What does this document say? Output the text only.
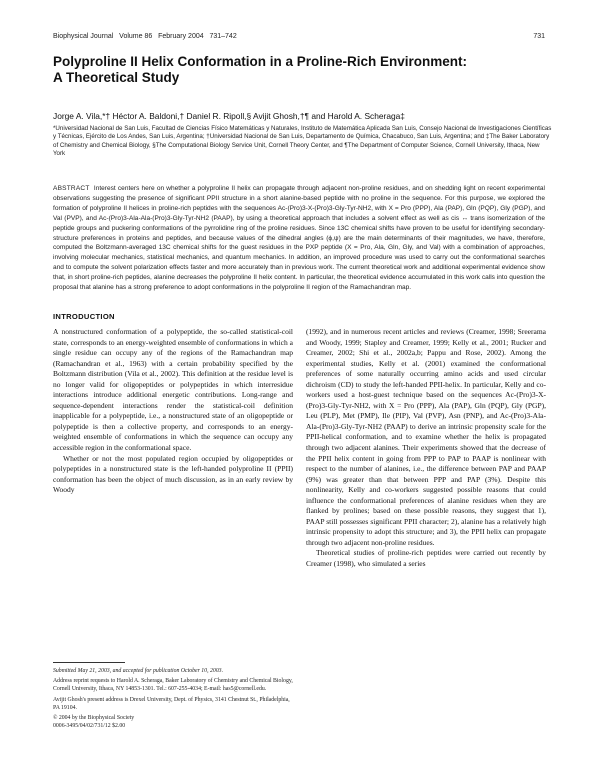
Biophysical Journal Volume 86 February 2004 731–742	731
Polyproline II Helix Conformation in a Proline-Rich Environment:
A Theoretical Study
Jorge A. Vila,*† Héctor A. Baldoni,† Daniel R. Ripoll,§ Avijit Ghosh,†¶ and Harold A. Scheraga‡
*Universidad Nacional de San Luis, Facultad de Ciencias Físico Matemáticas y Naturales, Instituto de Matemática Aplicada San Luis, Consejo Nacional de Investigaciones Científicas y Técnicas, Ejército de Los Andes, San Luis, Argentina; †Universidad Nacional de San Luis, Departamento de Química, Chacabuco, San Luis, Argentina; and ‡The Baker Laboratory of Chemistry and Chemical Biology, §The Computational Biology Service Unit, Cornell Theory Center, and ¶The Department of Computer Science, Cornell University, Ithaca, New York

ABSTRACT Interest centers here on whether a polyproline II helix can propagate through adjacent non-proline residues, and on shedding light on recent experimental observations suggesting the presence of significant PPII structure in a short alanine-based peptide with no proline in the sequence. For this purpose, we explored the formation of polyproline II helices in proline-rich peptides with the sequences Ac-(Pro)3-X-(Pro)3-Gly-Tyr-NH2, with X = Pro (PPP), Ala (PAP), Gln (PQP), Gly (PGP), and Val (PVP), and Ac-(Pro)3-Ala-Ala-(Pro)3-Gly-Tyr-NH2 (PAAP), by using a theoretical approach that includes a solvent effect as well as cis ↔ trans isomerization of the peptide groups and puckering conformations of the pyrrolidine ring of the proline residues. Since 13C chemical shifts have proven to be useful for identifying secondary-structure preferences in proteins and peptides, and because values of the dihedral angles (ϕ,ψ) are the main determinants of their magnitudes, we have, therefore, computed the Boltzmann-averaged 13C chemical shifts for the guest residues in the PXP peptide (X = Pro, Ala, Gln, Gly, and Val) with a combination of approaches, involving molecular mechanics, statistical mechanics, and quantum mechanics. In addition, an improved procedure was used to carry out the conformational searches and to compute the solvent polarization effects faster and more accurately than in previous work. The current theoretical work and additional experimental evidence show that, in short proline-rich peptides, alanine decreases the polyproline II helix content. In particular, the theoretical evidence accumulated in this work calls into question the proposal that alanine has a strong preference to adopt conformations in the polyproline II region of the Ramachandran map.

INTRODUCTION

A nonstructured conformation of a polypeptide, the so-called statistical-coil state, corresponds to an energy-weighted ensemble of conformations in which a single residue can occupy any of the regions of the Ramachandran map (Ramachandran et al., 1963) with a certain probability specified by the Boltzmann distribution (Vila et al., 2002). This definition at the residue level is no longer valid for oligopeptides or polypeptides in which interresidue interactions introduce additional energetic contributions. Long-range and sequence-dependent interactions render the statistical-coil definition inapplicable for a polypeptide, i.e., a nonstructured state of an oligopeptide or polypeptide is then a collective property, and corresponds to an energy-weighted ensemble of conformations in which the sequence can occupy any accessible region in the conformational space.

Whether or not the most populated region occupied by oligopeptides or polypeptides in a nonstructured state is the left-handed polyproline II (PPII) conformation has been the object of much discussion, as in an early review by Woody

Submitted May 21, 2003, and accepted for publication October 10, 2003.

Address reprint requests to Harold A. Scheraga, Baker Laboratory of Chemistry and Chemical Biology, Cornell University, Ithaca, NY 14853-1301. Tel.: 607-255-4034; E-mail: has5@cornell.edu.

Avijit Ghosh's present address is Drexel University, Dept. of Physics, 3141 Chestnut St., Philadelphia, PA 19104.

© 2004 by the Biophysical Society

0006-3495/04/02/731/12 $2.00

(1992), and in numerous recent articles and reviews (Creamer, 1998; Sreerama and Woody, 1999; Stapley and Creamer, 1999; Kelly et al., 2001; Rucker and Creamer, 2002; Shi et al., 2002a,b; Pappu and Rose, 2002). Among the experimental studies, Kelly et al. (2001) examined the conformational preferences of some naturally occurring amino acids and used circular dichroism (CD) to study the left-handed PPII-helix. In particular, Kelly and co-workers used a host-guest technique based on the sequences Ac-(Pro)3-X-(Pro)3-Gly-Tyr-NH2, with X = Pro (PPP), Ala (PAP), Gln (PQP), Gly (PGP), Leu (PLP), Met (PMP), Ile (PIP), Val (PVP), Asn (PNP), and Ac-(Pro)3-Ala-Ala-(Pro)3-Gly-Tyr-NH2 (PAAP) to derive an intrinsic propensity scale for the PPII-helical conformation, and to examine whether the helix is propagated through two adjacent alanines. Their experiments showed that the decrease of the PPII helix content in going from PPP to PAP to PAAP is nonlinear with respect to the number of alanines, i.e., the difference between PAP and PAAP (9%) was greater than that between PPP and PAP (3%). Despite this nonlinearity, Kelly and co-workers suggested possible reasons that could influence the conformational preferences of alanine residues when they are flanked by prolines; based on these possible reasons, they suggest that 1), PAAP still possesses significant PPII character; 2), alanine has a relatively high intrinsic propensity to adopt this structure; and 3), the PPII helix can propagate through two adjacent non-proline residues.

Theoretical studies of proline-rich peptides were carried out recently by Creamer (1998), who simulated a series
